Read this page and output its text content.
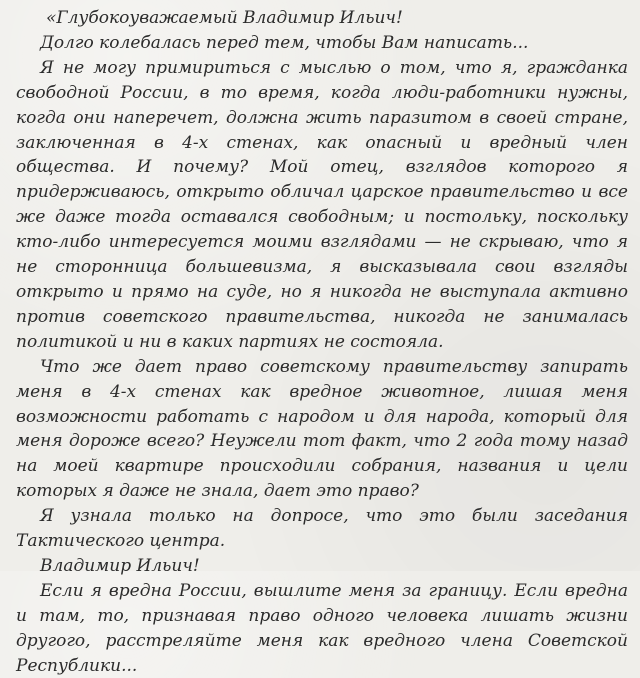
«Глубокоуважаемый Владимир Ильич!

Долго колебалась перед тем, чтобы Вам написать...

Я не могу примириться с мыслью о том, что я, гражданка свободной России, в то время, когда люди-работники нужны, когда они наперечет, должна жить паразитом в своей стране, заключенная в 4-х стенах, как опасный и вредный член общества. И почему? Мой отец, взглядов которого я придерживаюсь, открыто обличал царское правительство и все же даже тогда оставался свободным; и постольку, поскольку кто-либо интересуется моими взглядами — не скрываю, что я не сторонница большевизма, я высказывала свои взгляды открыто и прямо на суде, но я никогда не выступала активно против советского правительства, никогда не занималась политикой и ни в каких партиях не состояла.

Что же дает право советскому правительству запирать меня в 4-х стенах как вредное животное, лишая меня возможности работать с народом и для народа, который для меня дороже всего? Неужели тот факт, что 2 года тому назад на моей квартире происходили собрания, названия и цели которых я даже не знала, дает это право?

Я узнала только на допросе, что это были заседания Тактического центра.

Владимир Ильич!

Если я вредна России, вышлите меня за границу. Если вредна и там, то, признавая право одного человека лишать жизни другого, расстреляйте меня как вредного члена Советской Республики...
